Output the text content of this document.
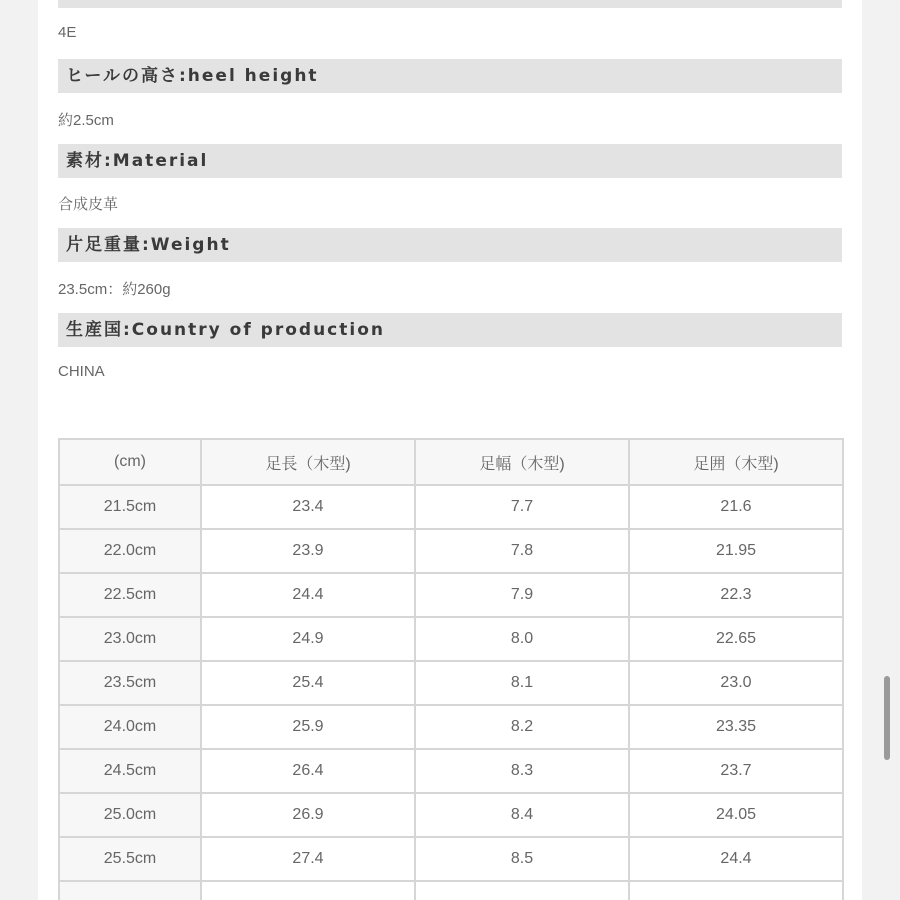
4E
ヒールの高さ:heel height
約2.5cm
素材:Material
合成皮革
片足重量:Weight
23.5cm：約260g
生産国:Country of production
CHINA
(cm)	足長（木型)	足幅（木型)	足囲（木型)
21.5cm	23.4	7.7	21.6
22.0cm	23.9	7.8	21.95
22.5cm	24.4	7.9	22.3
23.0cm	24.9	8.0	22.65
23.5cm	25.4	8.1	23.0
24.0cm	25.9	8.2	23.35
24.5cm	26.4	8.3	23.7
25.0cm	26.9	8.4	24.05
25.5cm	27.4	8.5	24.4
